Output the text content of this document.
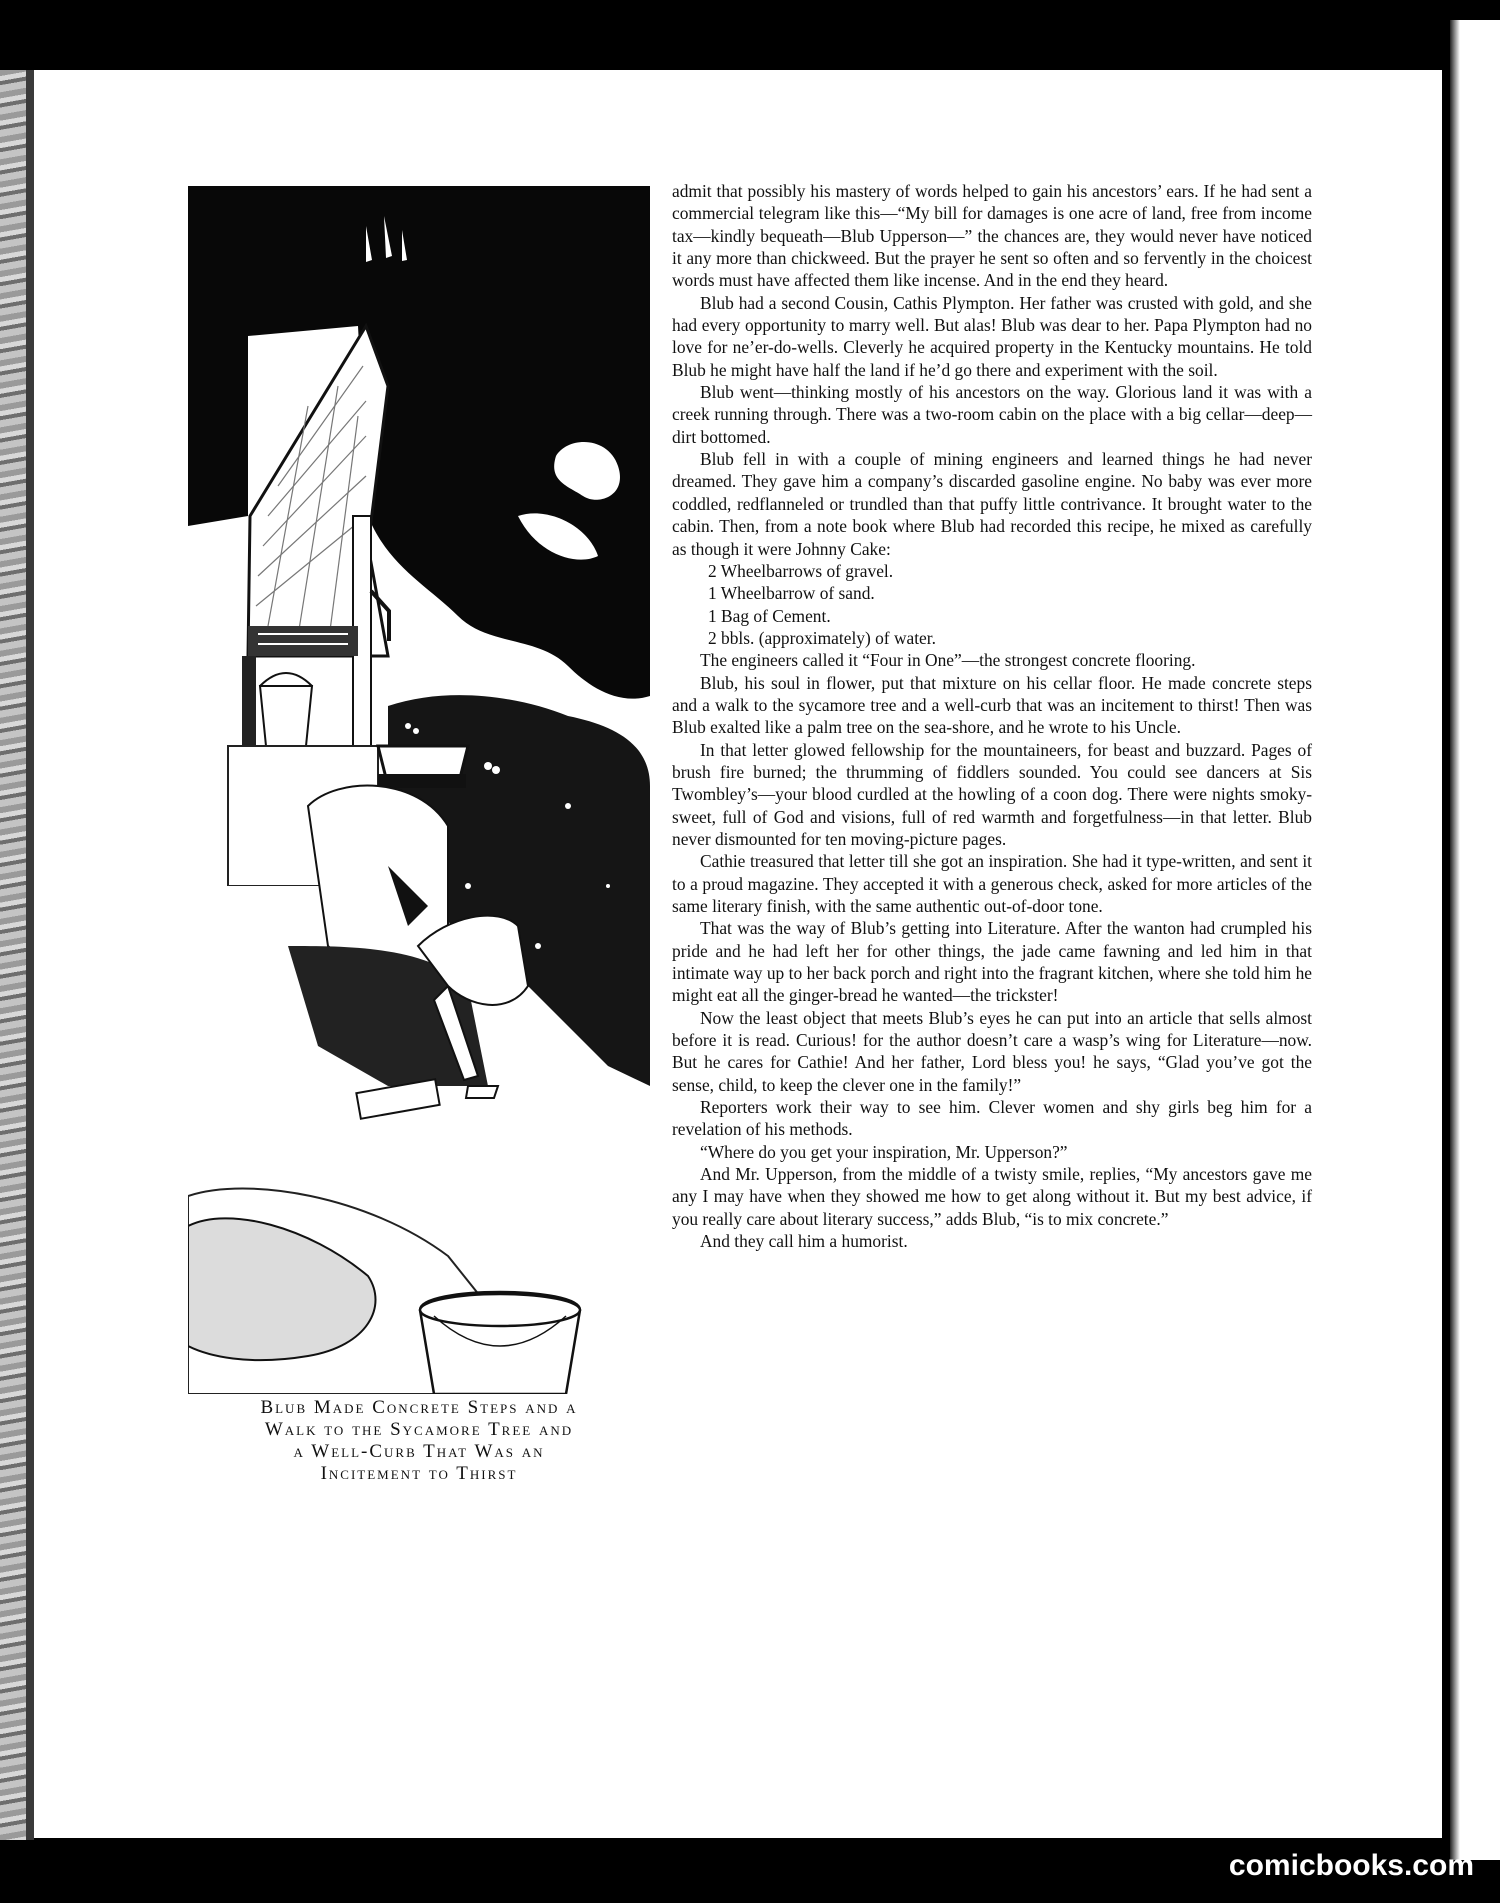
Blub Made Concrete Steps and a
Walk to the Sycamore Tree and
a Well-Curb That Was an
Incitement to Thirst

admit that possibly his mastery of words helped to gain his ancestors’ ears. If he had sent a commercial telegram like this—“My bill for damages is one acre of land, free from income tax—kindly bequeath—Blub Upperson—” the chances are, they would never have noticed it any more than chickweed. But the prayer he sent so often and so fervently in the choicest words must have affected them like incense. And in the end they heard.

Blub had a second Cousin, Cathis Plympton. Her father was crusted with gold, and she had every opportunity to marry well. But alas! Blub was dear to her. Papa Plympton had no love for ne’er-do-wells. Cleverly he acquired property in the Kentucky mountains. He told Blub he might have half the land if he’d go there and experiment with the soil.

Blub went—thinking mostly of his ancestors on the way. Glorious land it was with a creek running through. There was a two-room cabin on the place with a big cellar—deep—dirt bottomed.

Blub fell in with a couple of mining engineers and learned things he had never dreamed. They gave him a company’s discarded gasoline engine. No baby was ever more coddled, redflanneled or trundled than that puffy little contrivance. It brought water to the cabin. Then, from a note book where Blub had recorded this recipe, he mixed as carefully as though it were Johnny Cake:

2 Wheelbarrows of gravel.

1 Wheelbarrow of sand.

1 Bag of Cement.

2 bbls. (approximately) of water.

The engineers called it “Four in One”—the strongest concrete flooring.

Blub, his soul in flower, put that mixture on his cellar floor. He made concrete steps and a walk to the sycamore tree and a well-curb that was an incitement to thirst! Then was Blub exalted like a palm tree on the sea-shore, and he wrote to his Uncle.

In that letter glowed fellowship for the mountaineers, for beast and buzzard. Pages of brush fire burned; the thrumming of fiddlers sounded. You could see dancers at Sis Twombley’s—your blood curdled at the howling of a coon dog. There were nights smoky-sweet, full of God and visions, full of red warmth and forgetfulness—in that letter. Blub never dismounted for ten moving-picture pages.

Cathie treasured that letter till she got an inspiration. She had it type-written, and sent it to a proud magazine. They accepted it with a generous check, asked for more articles of the same literary finish, with the same authentic out-of-door tone.

That was the way of Blub’s getting into Literature. After the wanton had crumpled his pride and he had left her for other things, the jade came fawning and led him in that intimate way up to her back porch and right into the fragrant kitchen, where she told him he might eat all the ginger-bread he wanted—the trickster!

Now the least object that meets Blub’s eyes he can put into an article that sells almost before it is read. Curious! for the author doesn’t care a wasp’s wing for Literature—now. But he cares for Cathie! And her father, Lord bless you! he says, “Glad you’ve got the sense, child, to keep the clever one in the family!”

Reporters work their way to see him. Clever women and shy girls beg him for a revelation of his methods.

“Where do you get your inspiration, Mr. Upperson?”

And Mr. Upperson, from the middle of a twisty smile, replies, “My ancestors gave me any I may have when they showed me how to get along without it. But my best advice, if you really care about literary success,” adds Blub, “is to mix concrete.”

And they call him a humorist.

comicbooks.com
